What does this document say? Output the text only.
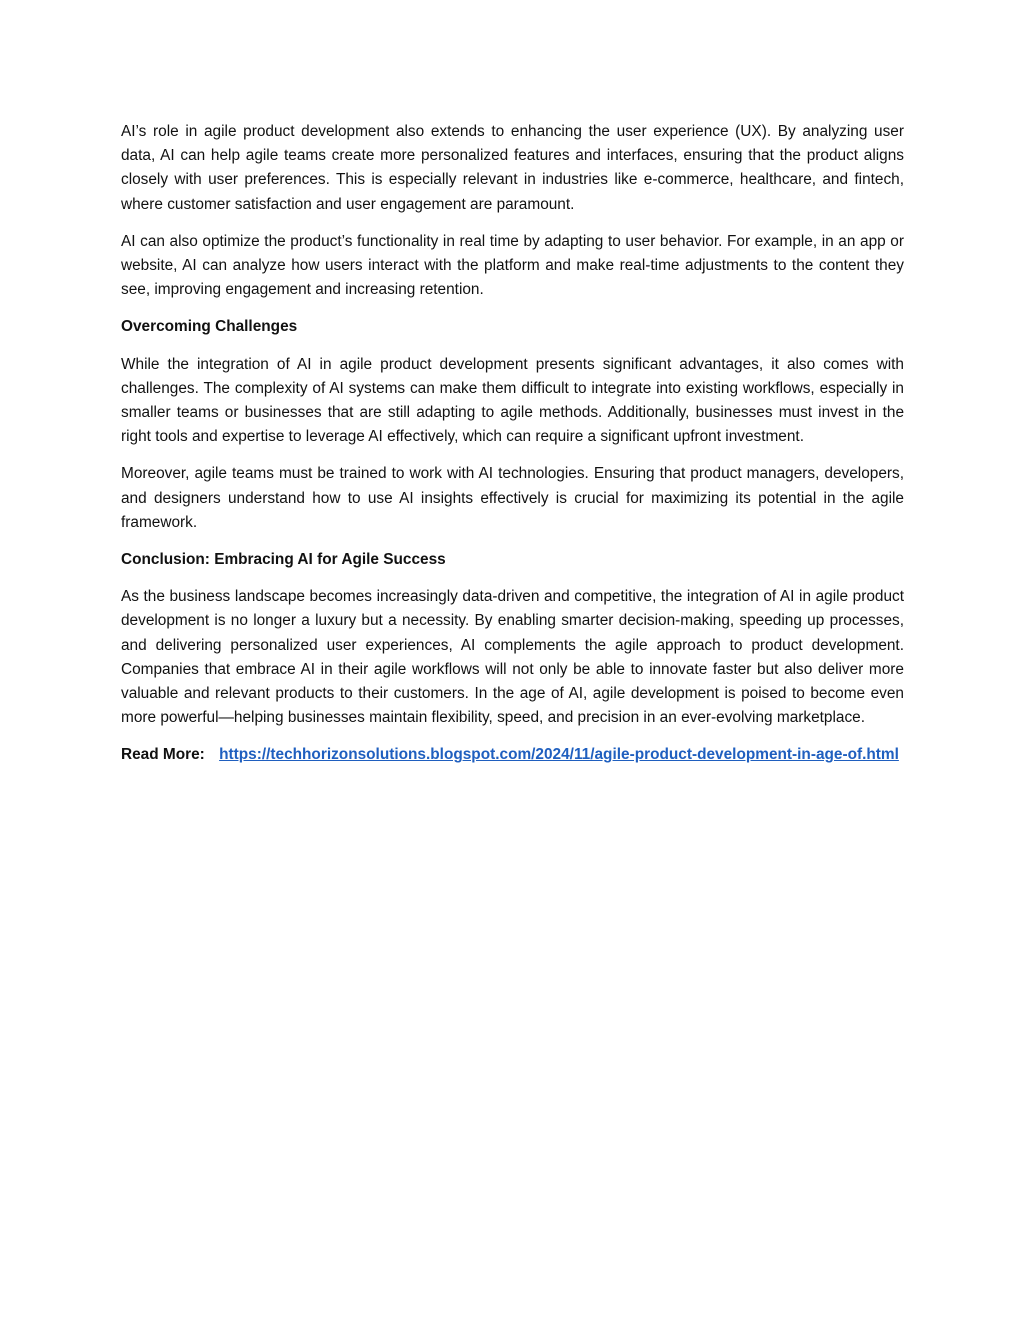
AI’s role in agile product development also extends to enhancing the user experience (UX). By analyzing user data, AI can help agile teams create more personalized features and interfaces, ensuring that the product aligns closely with user preferences. This is especially relevant in industries like e-commerce, healthcare, and fintech, where customer satisfaction and user engagement are paramount.

AI can also optimize the product’s functionality in real time by adapting to user behavior. For example, in an app or website, AI can analyze how users interact with the platform and make real-time adjustments to the content they see, improving engagement and increasing retention.

Overcoming Challenges

While the integration of AI in agile product development presents significant advantages, it also comes with challenges. The complexity of AI systems can make them difficult to integrate into existing workflows, especially in smaller teams or businesses that are still adapting to agile methods. Additionally, businesses must invest in the right tools and expertise to leverage AI effectively, which can require a significant upfront investment.

Moreover, agile teams must be trained to work with AI technologies. Ensuring that product managers, developers, and designers understand how to use AI insights effectively is crucial for maximizing its potential in the agile framework.

Conclusion: Embracing AI for Agile Success

As the business landscape becomes increasingly data-driven and competitive, the integration of AI in agile product development is no longer a luxury but a necessity. By enabling smarter decision-making, speeding up processes, and delivering personalized user experiences, AI complements the agile approach to product development. Companies that embrace AI in their agile workflows will not only be able to innovate faster but also deliver more valuable and relevant products to their customers. In the age of AI, agile development is poised to become even more powerful—helping businesses maintain flexibility, speed, and precision in an ever-evolving marketplace.

Read More: https://techhorizonsolutions.blogspot.com/2024/11/agile-product-development-in-age-of.html
